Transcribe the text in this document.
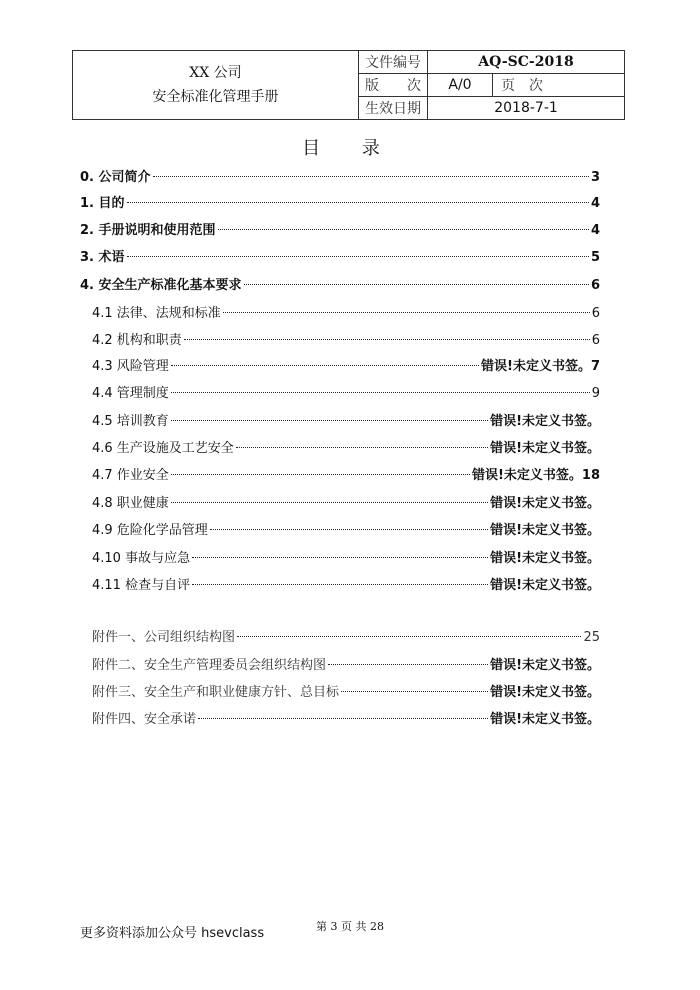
XX 公司
安全标准化管理手册	文件编号	AQ-SC-2018	
	版　　次	A/0	页　次
	生效日期	2018-7-1	
目 录
0. 公司简介	3
1. 目的	4
2. 手册说明和使用范围	4
3. 术语	5
4. 安全生产标准化基本要求	6
4.1 法律、法规和标准	6
4.2 机构和职责	6
4.3 风险管理	错误!未定义书签。7
4.4 管理制度	9
4.5 培训教育	错误!未定义书签。
4.6 生产设施及工艺安全	错误!未定义书签。
4.7 作业安全	错误!未定义书签。18
4.8 职业健康	错误!未定义书签。
4.9 危险化学品管理	错误!未定义书签。
4.10 事故与应急	错误!未定义书签。
4.11 检查与自评	错误!未定义书签。
附件一、公司组织结构图	25
附件二、安全生产管理委员会组织结构图	错误!未定义书签。
附件三、安全生产和职业健康方针、总目标	错误!未定义书签。
附件四、安全承诺	错误!未定义书签。
第 3 页 共 28
更多资料添加公众号 hsevclass
